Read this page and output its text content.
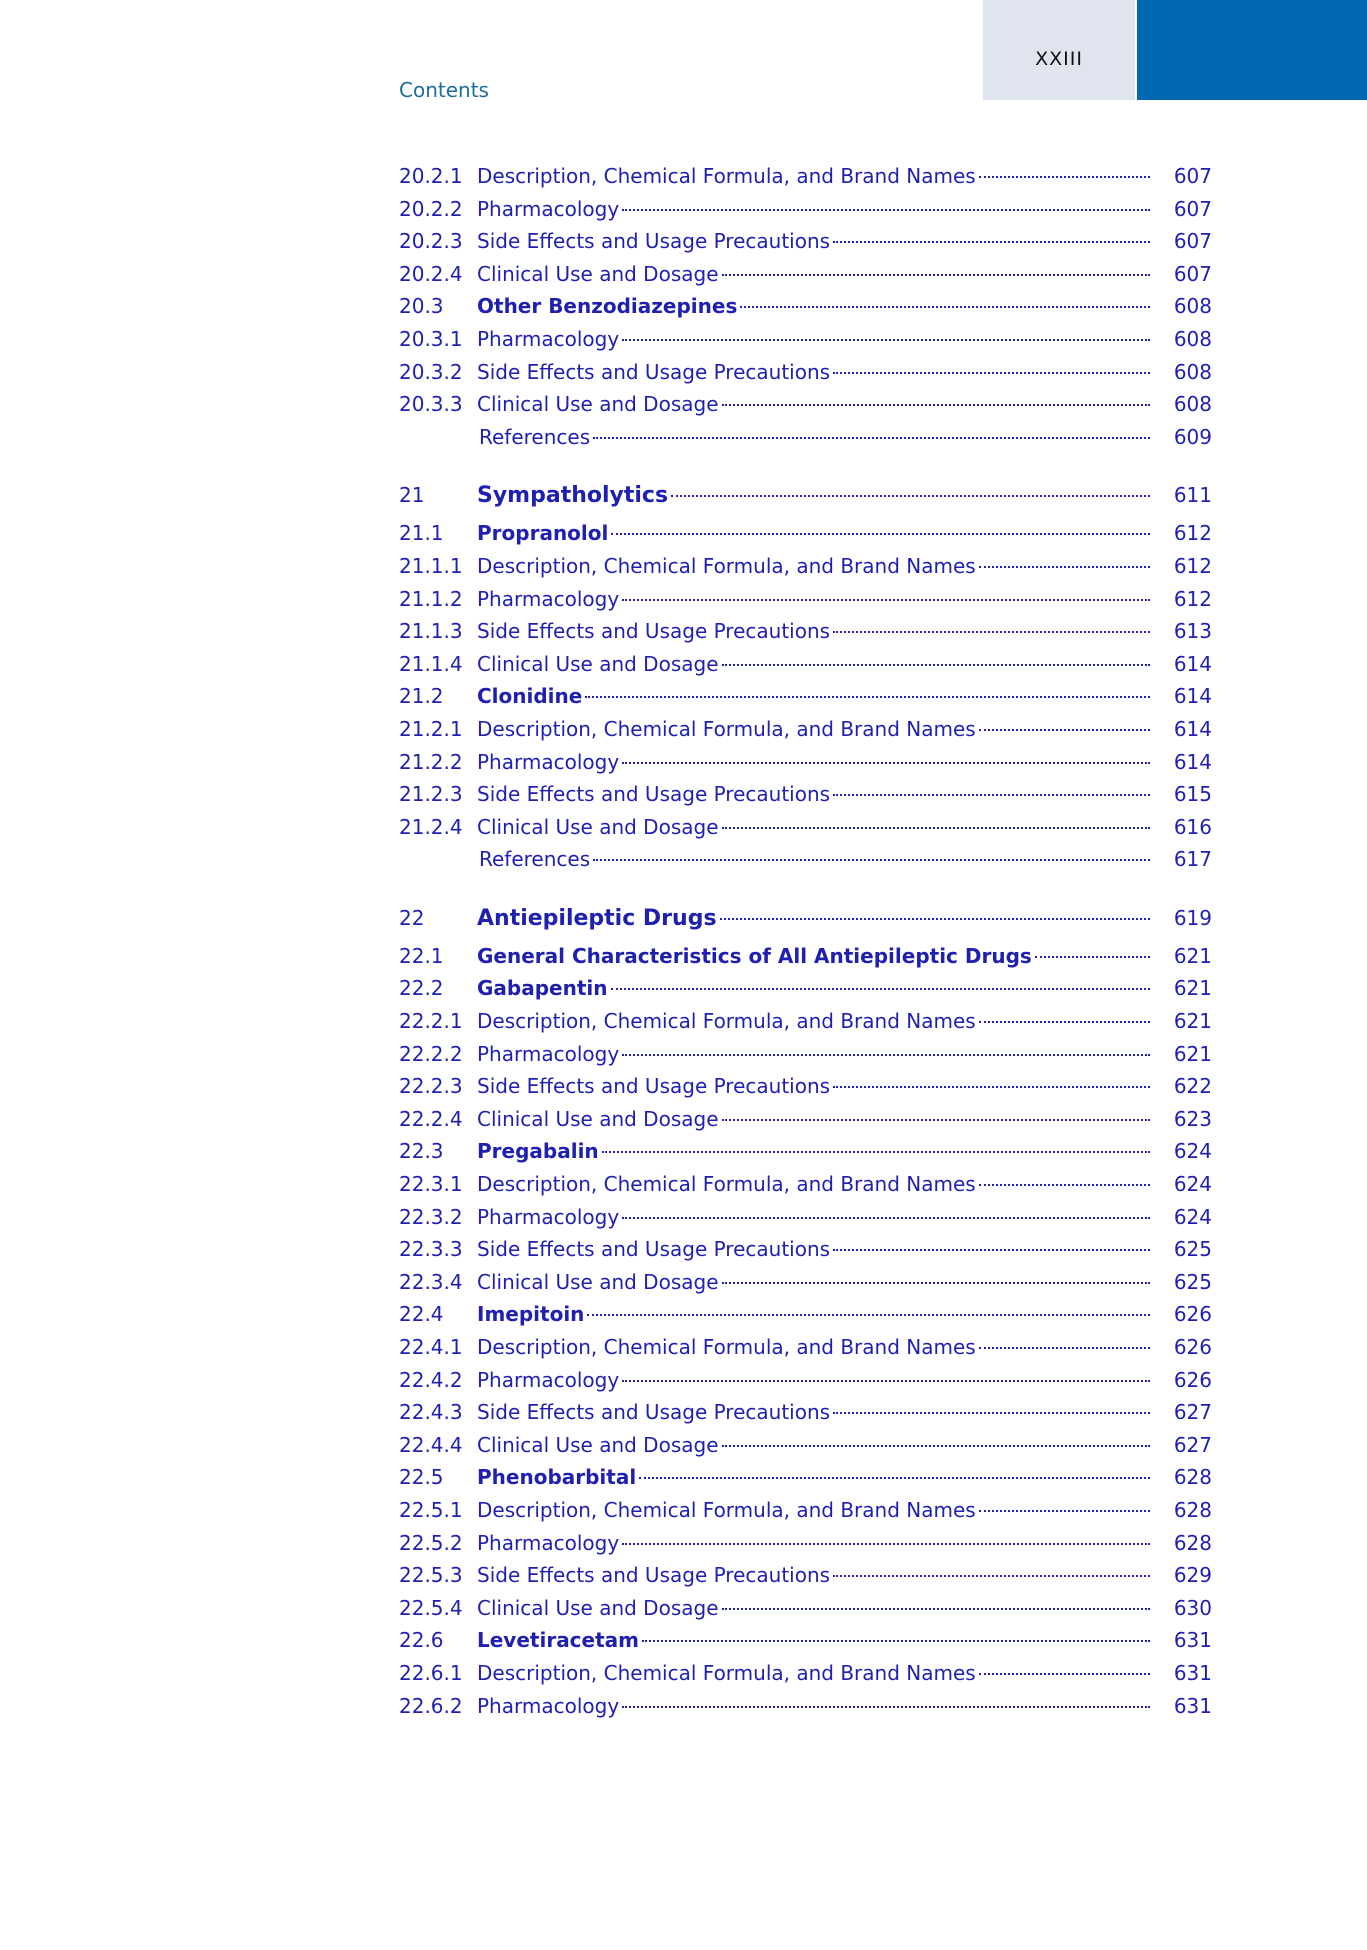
XXIII
Contents
20.2.1 Description, Chemical Formula, and Brand Names	607
20.2.2 Pharmacology	607
20.2.3 Side Effects and Usage Precautions	607
20.2.4 Clinical Use and Dosage	607
20.3	Other Benzodiazepines	608
20.3.1 Pharmacology	608
20.3.2 Side Effects and Usage Precautions	608
20.3.3 Clinical Use and Dosage	608
References	609
21	Sympatholytics	611
21.1	Propranolol	612
21.1.1 Description, Chemical Formula, and Brand Names	612
21.1.2 Pharmacology	612
21.1.3 Side Effects and Usage Precautions	613
21.1.4 Clinical Use and Dosage	614
21.2	Clonidine	614
21.2.1 Description, Chemical Formula, and Brand Names	614
21.2.2 Pharmacology	614
21.2.3 Side Effects and Usage Precautions	615
21.2.4 Clinical Use and Dosage	616
References	617
22	Antiepileptic Drugs	619
22.1	General Characteristics of All Antiepileptic Drugs	621
22.2	Gabapentin	621
22.2.1 Description, Chemical Formula, and Brand Names	621
22.2.2 Pharmacology	621
22.2.3 Side Effects and Usage Precautions	622
22.2.4 Clinical Use and Dosage	623
22.3	Pregabalin	624
22.3.1 Description, Chemical Formula, and Brand Names	624
22.3.2 Pharmacology	624
22.3.3 Side Effects and Usage Precautions	625
22.3.4 Clinical Use and Dosage	625
22.4	Imepitoin	626
22.4.1 Description, Chemical Formula, and Brand Names	626
22.4.2 Pharmacology	626
22.4.3 Side Effects and Usage Precautions	627
22.4.4 Clinical Use and Dosage	627
22.5	Phenobarbital	628
22.5.1 Description, Chemical Formula, and Brand Names	628
22.5.2 Pharmacology	628
22.5.3 Side Effects and Usage Precautions	629
22.5.4 Clinical Use and Dosage	630
22.6	Levetiracetam	631
22.6.1 Description, Chemical Formula, and Brand Names	631
22.6.2 Pharmacology	631
